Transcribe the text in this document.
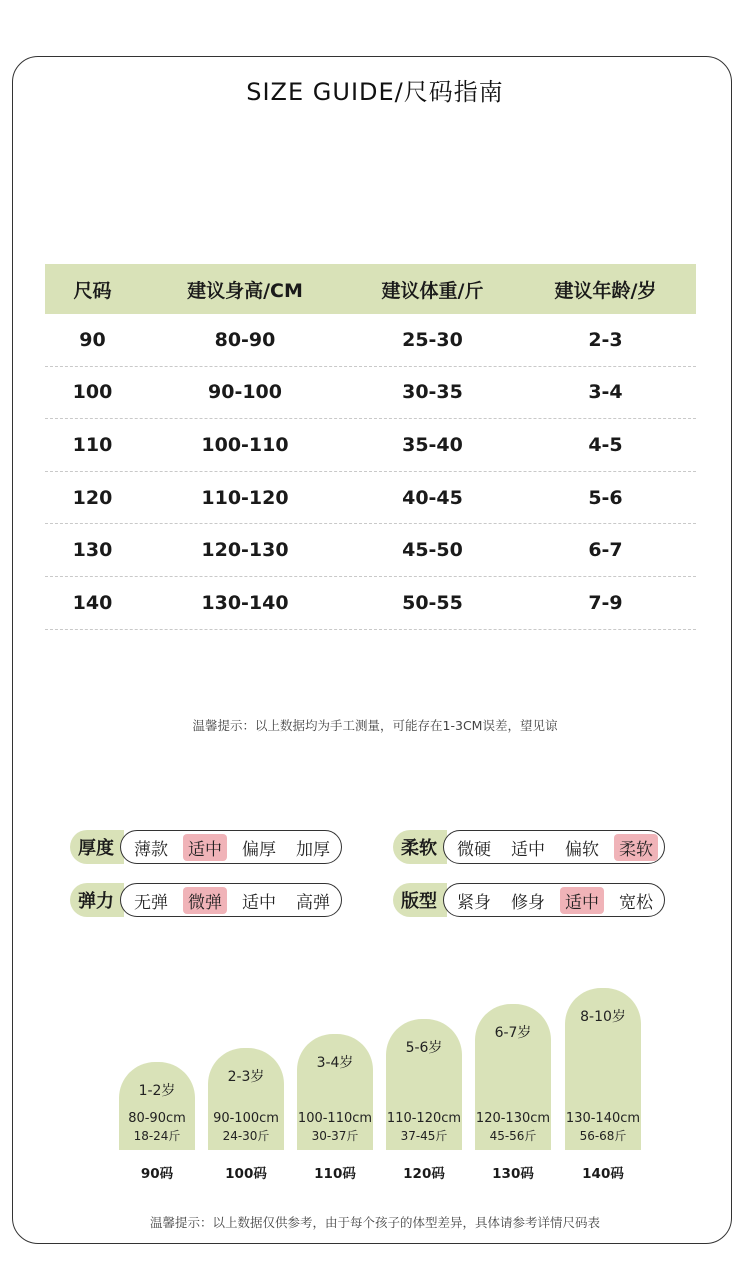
SIZE GUIDE/尺码指南
尺码	建议身高/CM	建议体重/斤	建议年龄/岁
90	80-90	25-30	2-3
100	90-100	30-35	3-4
110	100-110	35-40	4-5
120	110-120	40-45	5-6
130	120-130	45-50	6-7
140	130-140	50-55	7-9
温馨提示：以上数据均为手工测量，可能存在1-3CM误差，望见谅
厚度	薄款 适中 偏厚 加厚	柔软	微硬 适中 偏软 柔软
弹力	无弹 微弹 适中 高弹	版型	紧身 修身 适中 宽松
1-2岁
80-90cm
18-24斤
2-3岁
90-100cm
24-30斤
3-4岁
100-110cm
30-37斤
5-6岁
110-120cm
37-45斤
6-7岁
120-130cm
45-56斤
8-10岁
130-140cm
56-68斤
90码	100码	110码	120码	130码	140码
温馨提示：以上数据仅供参考，由于每个孩子的体型差异，具体请参考详情尺码表
